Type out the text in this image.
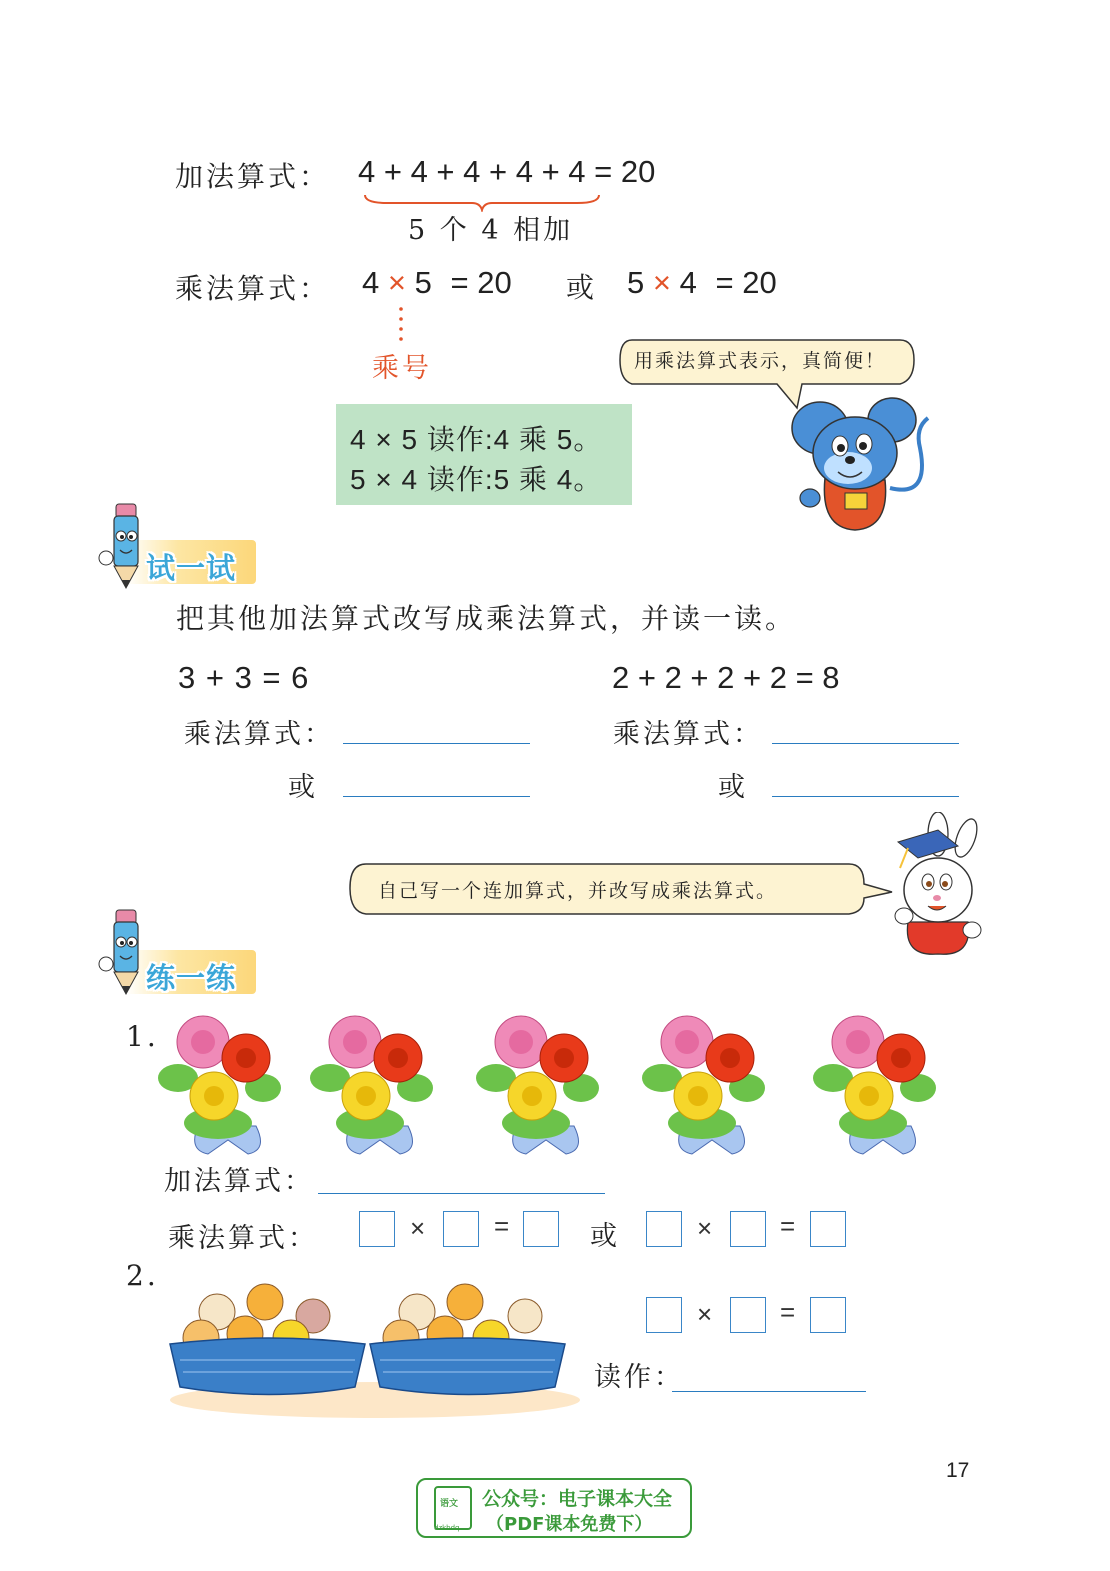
加法算式： 4 + 4 + 4 + 4 + 4 = 20
5 个 4 相加
乘法算式： 4 × 5 = 20 或 5 × 4 = 20
乘号	用乘法算式表示，真简便！
4 × 5 读作:4 乘 5。
5 × 4 读作:5 乘 4。
试一试
把其他加法算式改写成乘法算式，并读一读。
3 + 3 = 6	2 + 2 + 2 + 2 = 8
乘法算式：
或
乘法算式：
或
自己写一个连加算式，并改写成乘法算式。
练一练
1.
加法算式：
乘法算式：	×	=	或	×	=
2.
×	=
读作：
17
语文
dzkbdq
公众号：电子课本大全
（PDF课本免费下）
